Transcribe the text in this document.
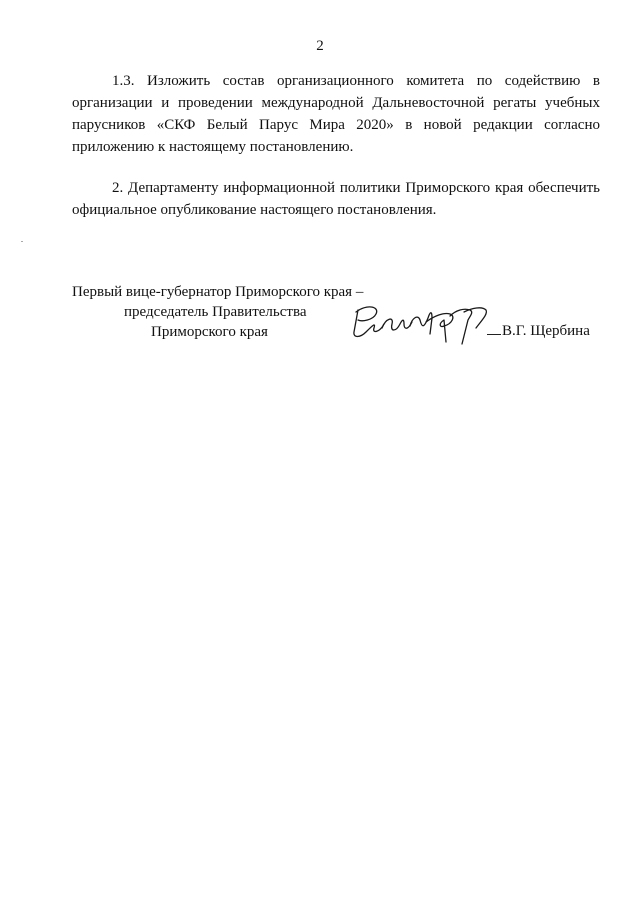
2
1.3. Изложить состав организационного комитета по содействию в организации и проведении международной Дальневосточной регаты учебных парусников «СКФ Белый Парус Мира 2020» в новой редакции согласно приложению к настоящему постановлению.
2. Департаменту информационной политики Приморского края обеспечить официальное опубликование настоящего постановления.
Первый вице-губернатор Приморского края –
председатель Правительства
Приморского края	В.Г. Щербина
